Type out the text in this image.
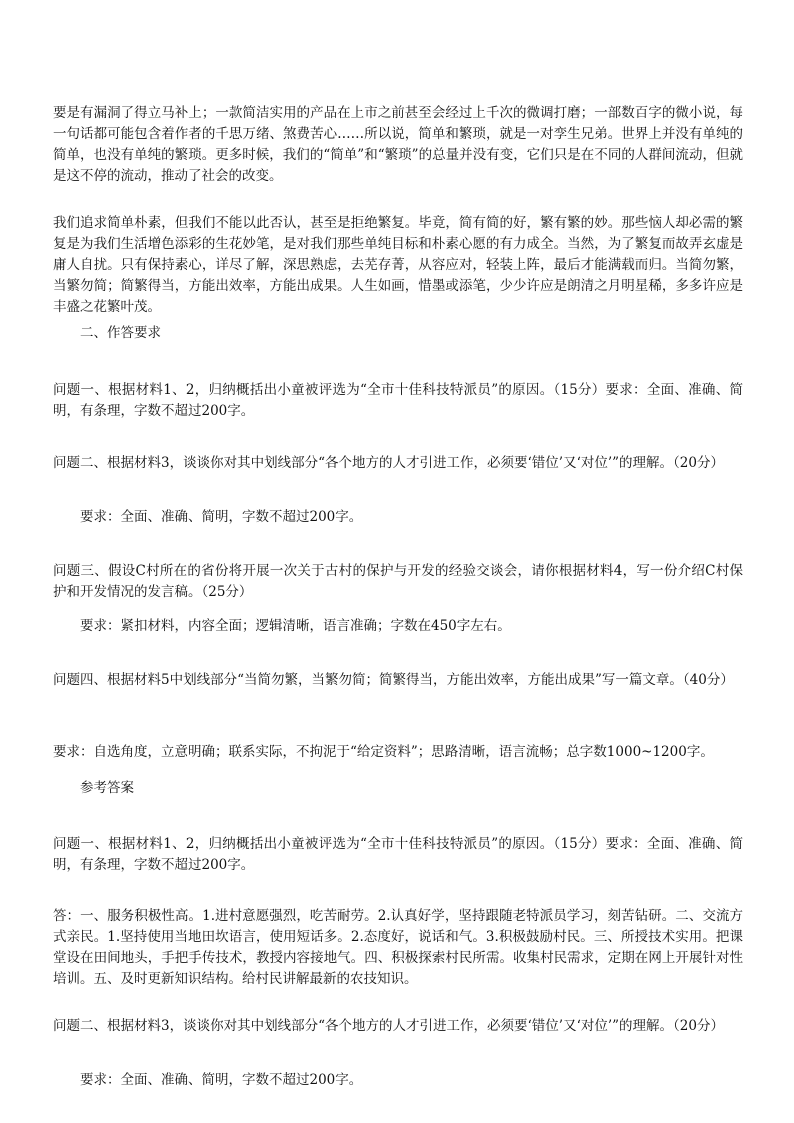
要是有漏洞了得立马补上；一款简洁实用的产品在上市之前甚至会经过上千次的微调打磨；一部数百字的微小说，每一句话都可能包含着作者的千思万绪、煞费苦心……所以说，简单和繁琐，就是一对孪生兄弟。世界上并没有单纯的简单，也没有单纯的繁琐。更多时候，我们的“简单”和“繁琐”的总量并没有变，它们只是在不同的人群间流动，但就是这不停的流动，推动了社会的改变。

我们追求简单朴素，但我们不能以此否认，甚至是拒绝繁复。毕竟，简有简的好，繁有繁的妙。那些恼人却必需的繁复是为我们生活增色添彩的生花妙笔，是对我们那些单纯目标和朴素心愿的有力成全。当然，为了繁复而故弄玄虚是庸人自扰。只有保持素心，详尽了解，深思熟虑，去芜存菁，从容应对，轻装上阵，最后才能满载而归。当简勿繁，当繁勿简；简繁得当，方能出效率，方能出成果。人生如画，惜墨或添笔，少少许应是朗清之月明星稀，多多许应是丰盛之花繁叶茂。

二、作答要求

问题一、根据材料1、2，归纳概括出小童被评选为“全市十佳科技特派员”的原因。（15分）要求：全面、准确、简明，有条理，字数不超过200字。

问题二、根据材料3，谈谈你对其中划线部分“各个地方的人才引进工作，必须要‘错位’又‘对位’”的理解。（20分）

要求：全面、准确、简明，字数不超过200字。

问题三、假设C村所在的省份将开展一次关于古村的保护与开发的经验交谈会，请你根据材料4，写一份介绍C村保护和开发情况的发言稿。（25分）

要求：紧扣材料，内容全面；逻辑清晰，语言准确；字数在450字左右。

问题四、根据材料5中划线部分“当简勿繁，当繁勿简；简繁得当，方能出效率，方能出成果”写一篇文章。（40分）

要求：自选角度，立意明确；联系实际，不拘泥于“给定资料”；思路清晰，语言流畅；总字数1000~1200字。

参考答案

问题一、根据材料1、2，归纳概括出小童被评选为“全市十佳科技特派员”的原因。（15分）要求：全面、准确、简明，有条理，字数不超过200字。

答：一、服务积极性高。1.进村意愿强烈，吃苦耐劳。2.认真好学，坚持跟随老特派员学习，刻苦钻研。二、交流方式亲民。1.坚持使用当地田坎语言，使用短话多。2.态度好，说话和气。3.积极鼓励村民。三、所授技术实用。把课堂设在田间地头，手把手传技术，教授内容接地气。四、积极探索村民所需。收集村民需求，定期在网上开展针对性培训。五、及时更新知识结构。给村民讲解最新的农技知识。

问题二、根据材料3，谈谈你对其中划线部分“各个地方的人才引进工作，必须要‘错位’又‘对位’”的理解。（20分）

要求：全面、准确、简明，字数不超过200字。
